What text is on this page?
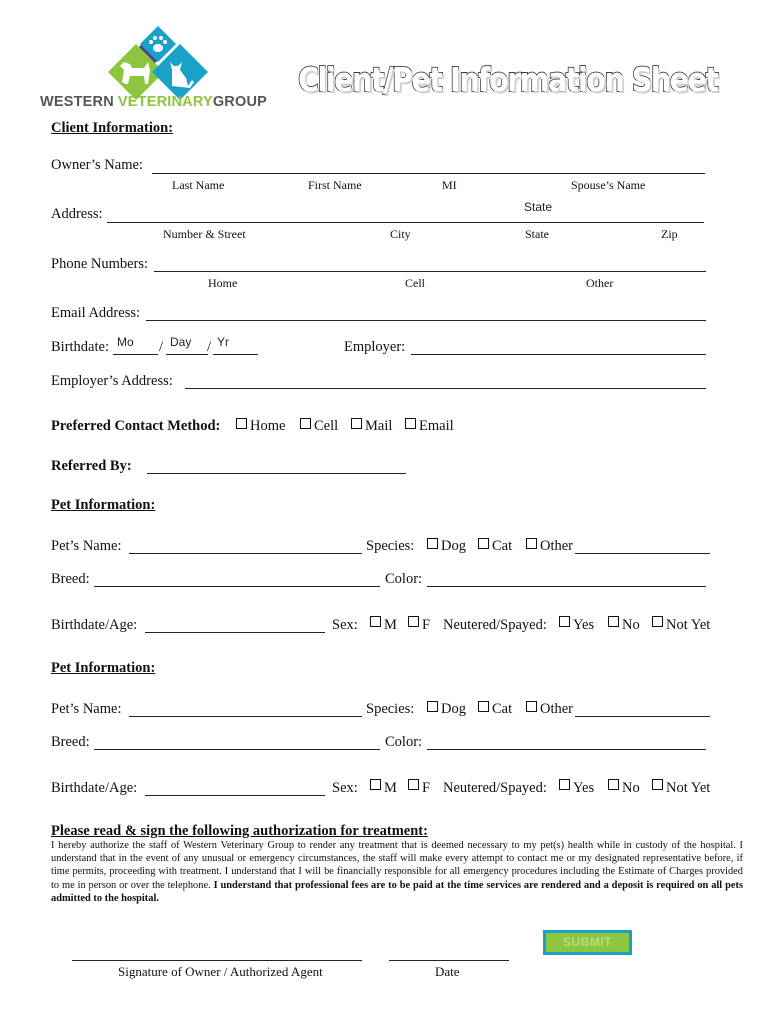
WESTERN VETERINARYGROUP
Client/Pet Information Sheet
Client Information:
Owner’s Name:
Last Name	First Name	MI	Spouse’s Name
Address:	State
Number & Street	City	State	Zip
Phone Numbers:
Home	Cell	Other
Email Address:
Birthdate: Mo / Day / Yr	Employer:
Employer’s Address:
Preferred Contact Method: Home Cell Mail Email
Referred By:
Pet Information:
Pet’s Name:	Species: Dog Cat Other
Breed:	Color:
Birthdate/Age:	Sex: M F Neutered/Spayed: Yes No Not Yet
Pet Information:
Pet’s Name:	Species: Dog Cat Other
Breed:	Color:
Birthdate/Age:	Sex: M F Neutered/Spayed: Yes No Not Yet
Please read & sign the following authorization for treatment:
I hereby authorize the staff of Western Veterinary Group to render any treatment that is deemed necessary to my pet(s) health while in custody of the hospital. I understand that in the event of any unusual or emergency circumstances, the staff will make every attempt to contact me or my designated representative before, if time permits, proceeding with treatment. I understand that I will be financially responsible for all emergency procedures including the Estimate of Charges provided to me in person or over the telephone. I understand that professional fees are to be paid at the time services are rendered and a deposit is required on all pets admitted to the hospital.
SUBMIT
Signature of Owner / Authorized Agent	Date
